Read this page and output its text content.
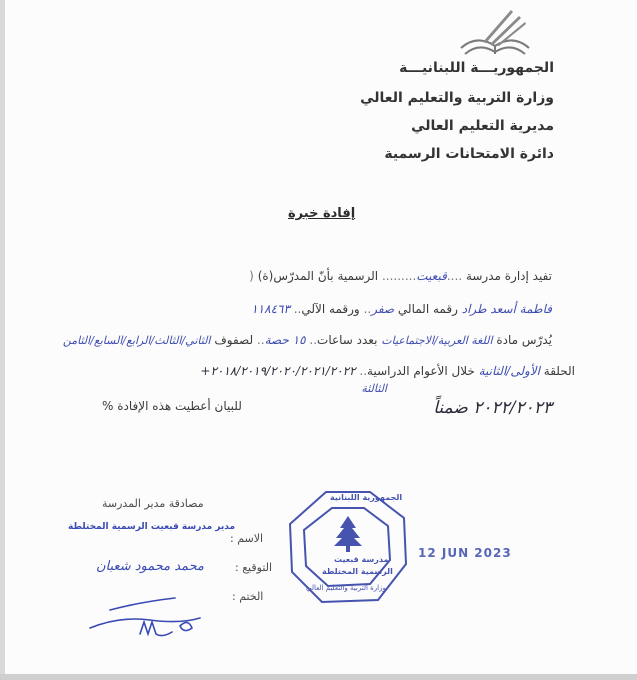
الجمهوريـــة اللبنانيـــة
وزارة التربية والتعليم العالي
مديرية التعليم العالي
دائرة الامتحانات الرسمية
إفادة خبرة
تفيد إدارة مدرسة ....قبعيت......... الرسمية بأنّ المدرّس(ة) (
فاطمة أسعد طراد رقمه المالي صفر.. ورقمه الآلي.. ١١٨٤٦٣
يُدرّس مادة اللغة العربية/الاجتماعيات بعدد ساعات.. ١٥ حصة.. لصفوف الثاني/الثالث/الرابع/السابع/الثامن
الحلقة الأولى/الثانية خلال الأعوام الدراسية.. ٢٠١٨/٢٠١٩/٢٠٢٠/٢٠٢١/٢٠٢٢+
الثالثة
٢٠٢٢/٢٠٢٣ ضمناً
للبيان أعطيت هذه الإفادة %
مصادقة مدير المدرسة
الاسم :
مدير مدرسة قبعيت الرسمية المختلطة
التوقيع :
محمد محمود شعبان
الختم :
الجمهورية اللبنانية
مدرسة قبعيت
الرسمية المختلطة
وزارة التربية والتعليم العالي
12 JUN 2023
